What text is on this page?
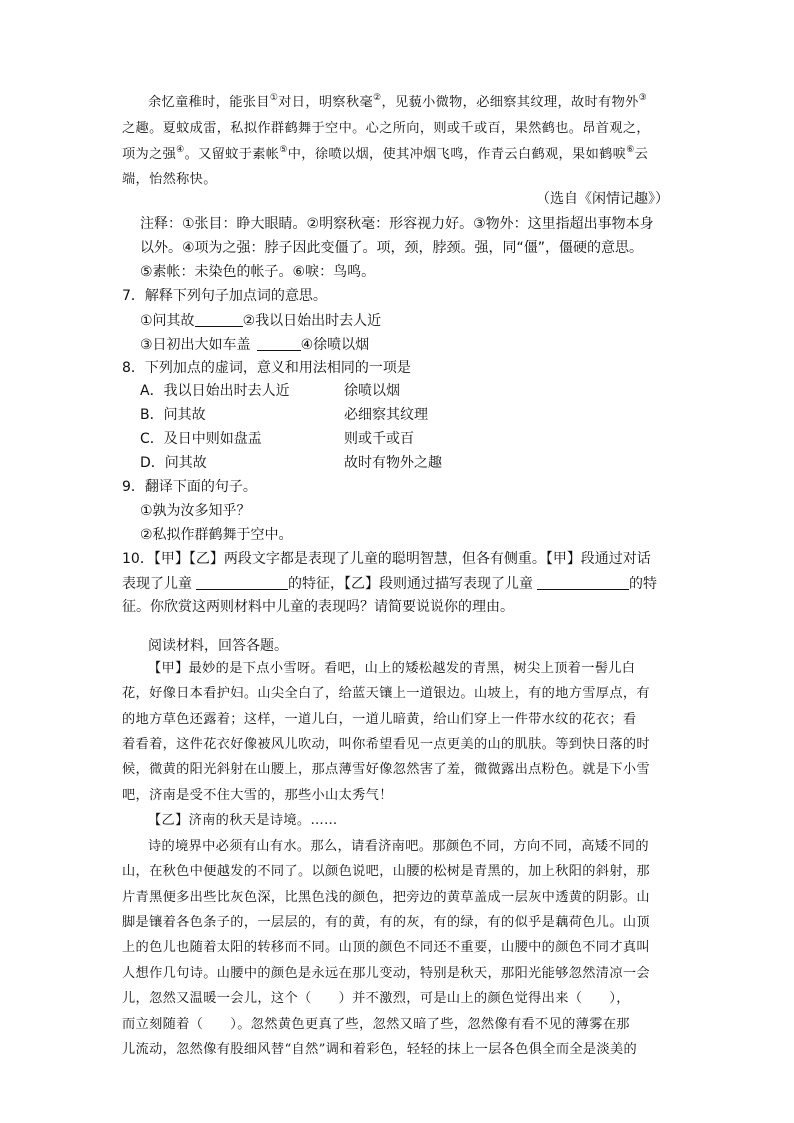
余忆童稚时，能张目①对日，明察秋毫②，见藐小微物，必细察其纹理，故时有物外③
之趣。夏蚊成雷，私拟作群鹤舞于空中。心之所向，则或千或百，果然鹤也。昂首观之，
项为之强④。又留蚊于素帐⑤中，徐喷以烟，使其冲烟飞鸣，作青云白鹤观，果如鹤唳⑥云
端，怡然称快。
（选自《闲情记趣》）
注释：①张目：睁大眼睛。②明察秋毫：形容视力好。③物外：这里指超出事物本身
以外。④项为之强：脖子因此变僵了。项，颈，脖颈。强，同“僵”，僵硬的意思。
⑤素帐：未染色的帐子。⑥唳：鸟鸣。
7．解释下列句子加点词的意思。
①问其故	②我以日始出时去人近
③日初出大如车盖	④徐喷以烟
8．下列加点的虚词，意义和用法相同的一项是
A．我以日始出时去人近	徐喷以烟
B．问其故	必细察其纹理
C．及日中则如盘盂	则或千或百
D．问其故	故时有物外之趣
9．翻译下面的句子。
①孰为汝多知乎？
②私拟作群鹤舞于空中。
10．【甲】【乙】两段文字都是表现了儿童的聪明智慧，但各有侧重。【甲】段通过对话
表现了儿童	的特征，【乙】段则通过描写表现了儿童	的特
征。你欣赏这两则材料中儿童的表现吗？请简要说说你的理由。
阅读材料，回答各题。
【甲】最妙的是下点小雪呀。看吧，山上的矮松越发的青黑，树尖上顶着一髻儿白
花，好像日本看护妇。山尖全白了，给蓝天镶上一道银边。山坡上，有的地方雪厚点，有
的地方草色还露着；这样，一道儿白，一道儿暗黄，给山们穿上一件带水纹的花衣；看
着看着，这件花衣好像被风儿吹动，叫你希望看见一点更美的山的肌肤。等到快日落的时
候，微黄的阳光斜射在山腰上，那点薄雪好像忽然害了羞，微微露出点粉色。就是下小雪
吧，济南是受不住大雪的，那些小山太秀气！
【乙】济南的秋天是诗境。……
诗的境界中必须有山有水。那么，请看济南吧。那颜色不同，方向不同，高矮不同的
山，在秋色中便越发的不同了。以颜色说吧，山腰的松树是青黑的，加上秋阳的斜射，那
片青黑便多出些比灰色深，比黑色浅的颜色，把旁边的黄草盖成一层灰中透黄的阴影。山
脚是镶着各色条子的，一层层的，有的黄，有的灰，有的绿，有的似乎是藕荷色儿。山顶
上的色儿也随着太阳的转移而不同。山顶的颜色不同还不重要，山腰中的颜色不同才真叫
人想作几句诗。山腰中的颜色是永远在那儿变动，特别是秋天，那阳光能够忽然清凉一会
儿，忽然又温暖一会儿，这个（　　）并不激烈，可是山上的颜色觉得出来（　　），
而立刻随着（　　）。忽然黄色更真了些，忽然又暗了些，忽然像有看不见的薄雾在那
儿流动，忽然像有股细风替“自然”调和着彩色，轻轻的抹上一层各色俱全而全是淡美的
